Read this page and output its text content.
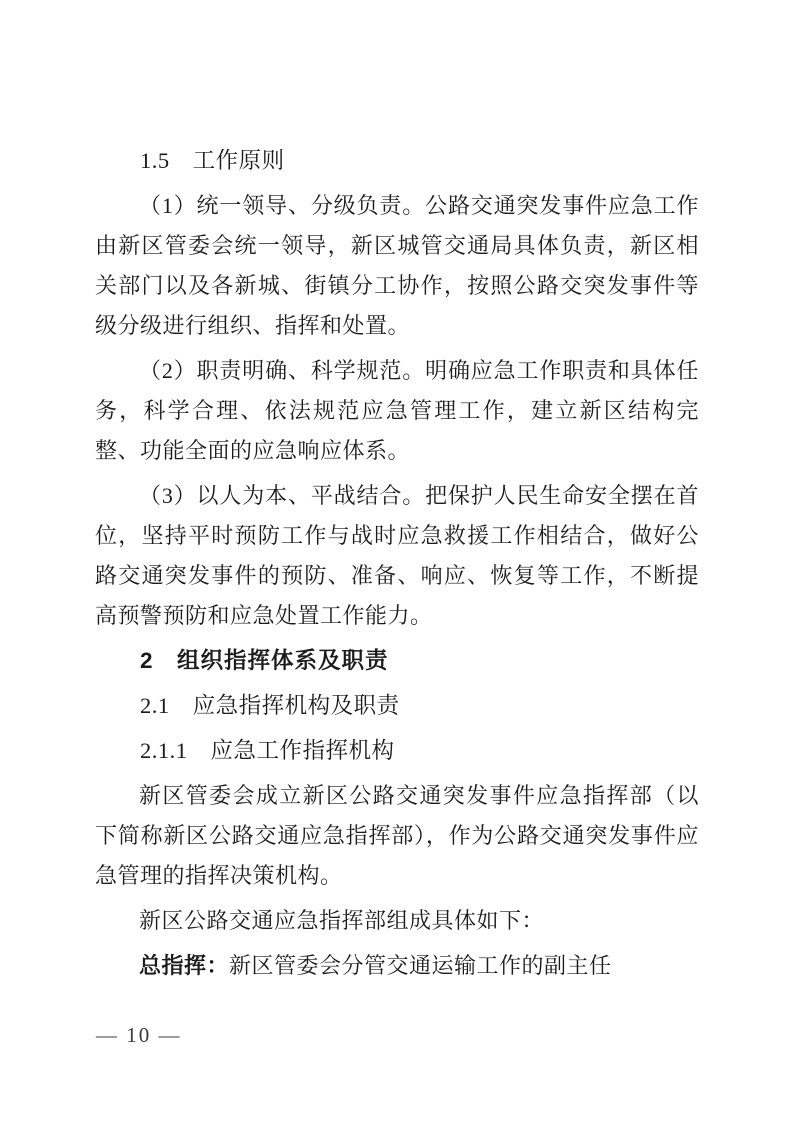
1.5　工作原则

（1）统一领导、分级负责。公路交通突发事件应急工作由新区管委会统一领导，新区城管交通局具体负责，新区相关部门以及各新城、街镇分工协作，按照公路交突发事件等级分级进行组织、指挥和处置。

（2）职责明确、科学规范。明确应急工作职责和具体任务，科学合理、依法规范应急管理工作，建立新区结构完整、功能全面的应急响应体系。

（3）以人为本、平战结合。把保护人民生命安全摆在首位，坚持平时预防工作与战时应急救援工作相结合，做好公路交通突发事件的预防、准备、响应、恢复等工作，不断提高预警预防和应急处置工作能力。

2　组织指挥体系及职责
2.1　应急指挥机构及职责
2.1.1　应急工作指挥机构

新区管委会成立新区公路交通突发事件应急指挥部（以下简称新区公路交通应急指挥部），作为公路交通突发事件应急管理的指挥决策机构。

新区公路交通应急指挥部组成具体如下：

总指挥：新区管委会分管交通运输工作的副主任

— 10 —
